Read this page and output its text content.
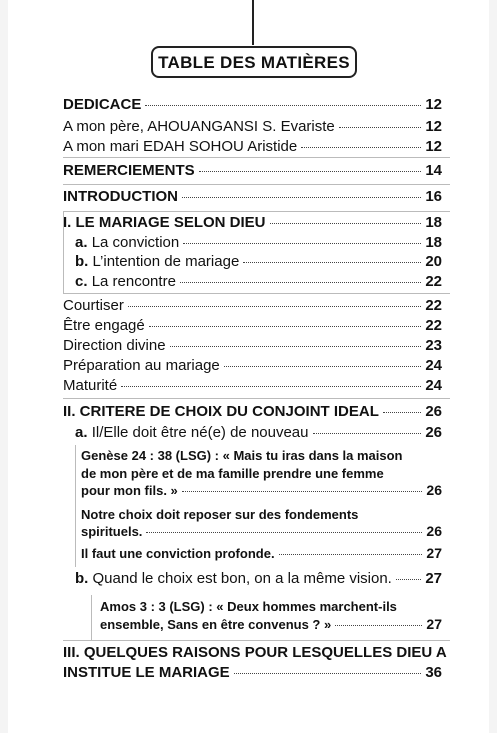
TABLE DES MATIÈRES
DEDICACE	12
A mon père, AHOUANGANSI S. Evariste	12
A mon mari EDAH SOHOU Aristide	12
REMERCIEMENTS	14
INTRODUCTION	16
I. LE MARIAGE SELON DIEU	18
a. La conviction	18
b. L’intention de mariage	20
c. La rencontre	22
Courtiser	22
Être engagé	22
Direction divine	23
Préparation au mariage	24
Maturité	24
II. CRITERE DE CHOIX DU CONJOINT IDEAL	26
a. Il/Elle doit être né(e) de nouveau	26
Genèse 24 : 38 (LSG) : « Mais tu iras dans la maison
de mon père et de ma famille prendre une femme
pour mon fils. »	26
Notre choix doit reposer sur des fondements
spirituels.	26
Il faut une conviction profonde.	27
b. Quand le choix est bon, on a la même vision. 27
Amos 3 : 3 (LSG) : « Deux hommes marchent-ils
ensemble, Sans en être convenus ? »	27
III. QUELQUES RAISONS POUR LESQUELLES DIEU A
INSTITUE LE MARIAGE	36
